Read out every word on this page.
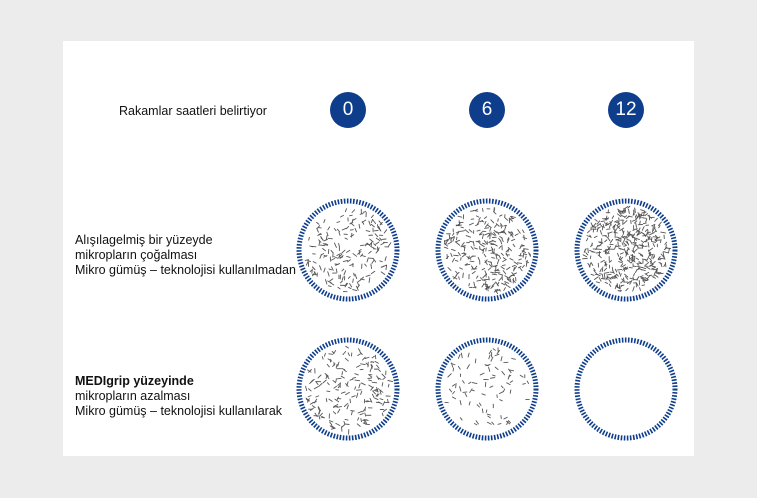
Rakamlar saatleri belirtiyor	0	6	12
Alışılagelmiş bir yüzeyde
mikropların çoğalması
Mikro gümüş – teknolojisi kullanılmadan
MEDIgrip yüzeyinde
mikropların azalması
Mikro gümüş – teknolojisi kullanılarak
